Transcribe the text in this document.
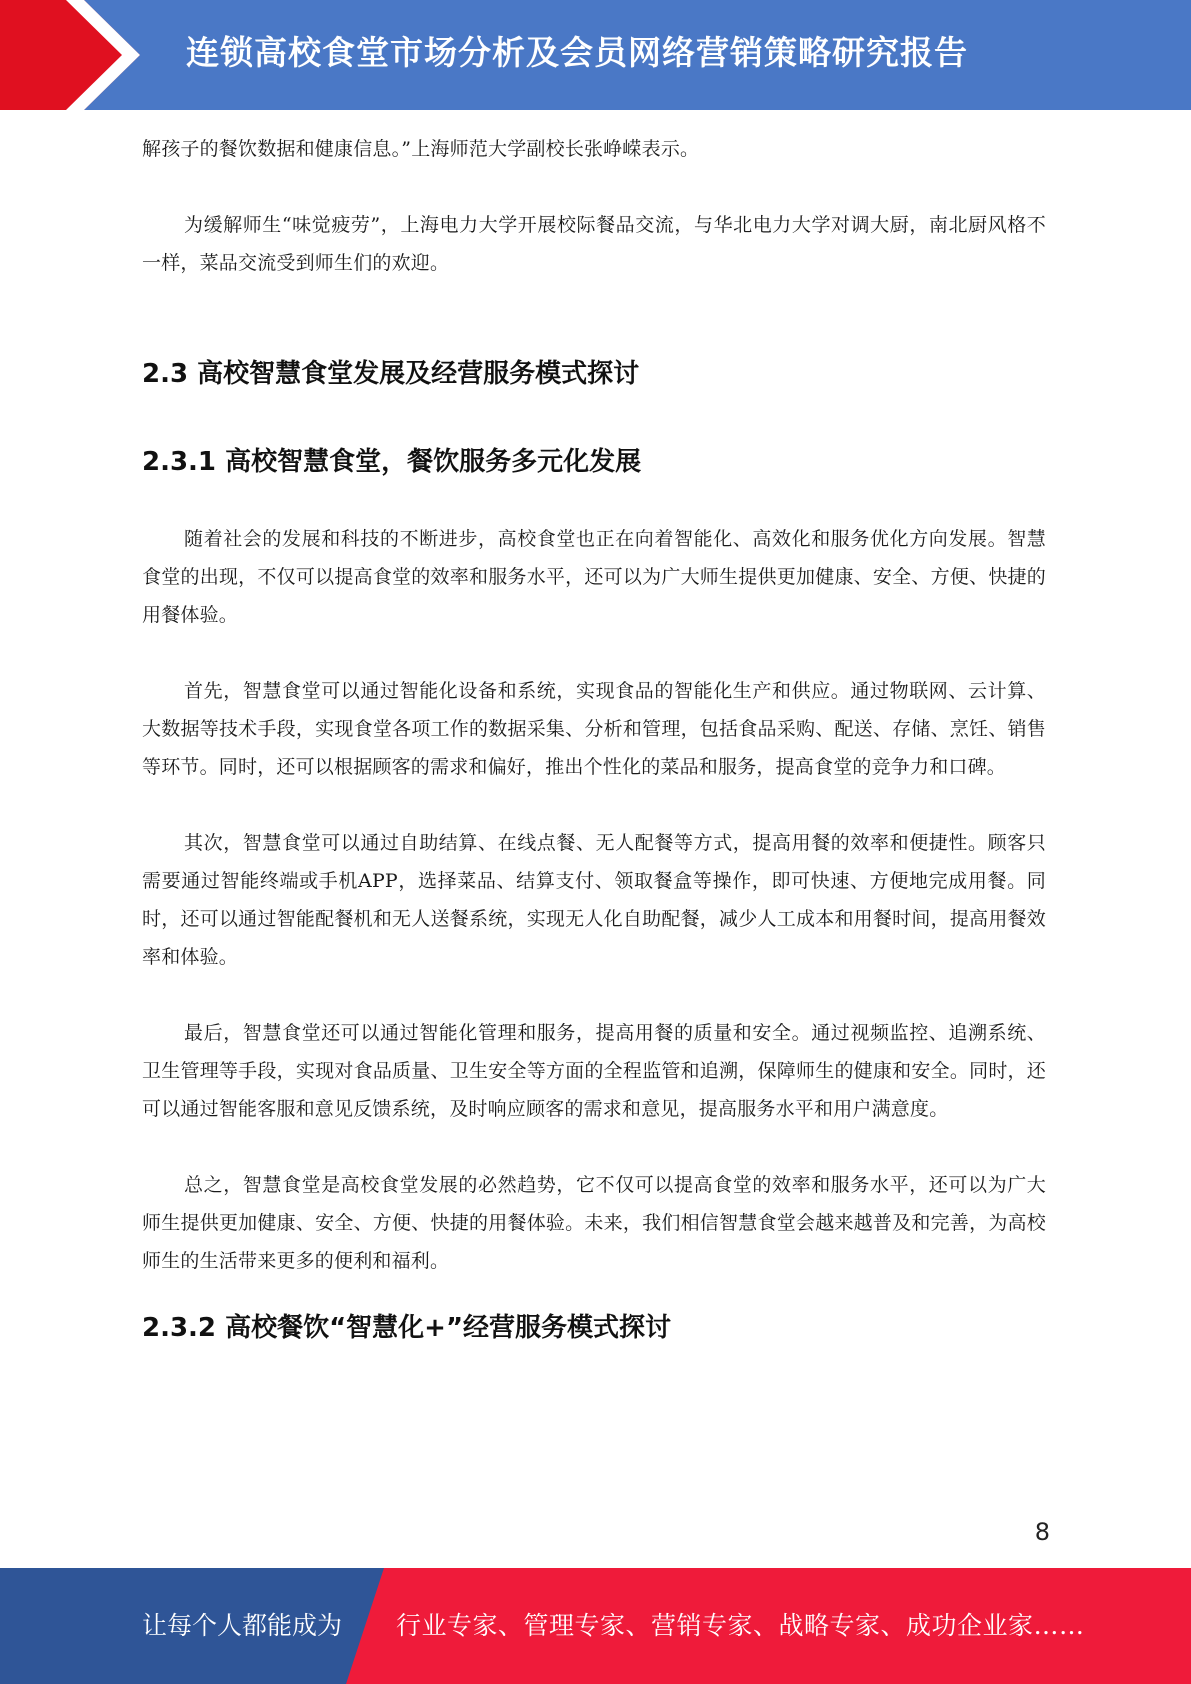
连锁高校食堂市场分析及会员网络营销策略研究报告

解孩子的餐饮数据和健康信息。”上海师范大学副校长张峥嵘表示。

为缓解师生“味觉疲劳”，上海电力大学开展校际餐品交流，与华北电力大学对调大厨，南北厨风格不一样，菜品交流受到师生们的欢迎。

2.3 高校智慧食堂发展及经营服务模式探讨
2.3.1 高校智慧食堂，餐饮服务多元化发展

随着社会的发展和科技的不断进步，高校食堂也正在向着智能化、高效化和服务优化方向发展。智慧食堂的出现，不仅可以提高食堂的效率和服务水平，还可以为广大师生提供更加健康、安全、方便、快捷的用餐体验。

首先，智慧食堂可以通过智能化设备和系统，实现食品的智能化生产和供应。通过物联网、云计算、大数据等技术手段，实现食堂各项工作的数据采集、分析和管理，包括食品采购、配送、存储、烹饪、销售等环节。同时，还可以根据顾客的需求和偏好，推出个性化的菜品和服务，提高食堂的竞争力和口碑。

其次，智慧食堂可以通过自助结算、在线点餐、无人配餐等方式，提高用餐的效率和便捷性。顾客只需要通过智能终端或手机APP，选择菜品、结算支付、领取餐盒等操作，即可快速、方便地完成用餐。同时，还可以通过智能配餐机和无人送餐系统，实现无人化自助配餐，减少人工成本和用餐时间，提高用餐效率和体验。

最后，智慧食堂还可以通过智能化管理和服务，提高用餐的质量和安全。通过视频监控、追溯系统、卫生管理等手段，实现对食品质量、卫生安全等方面的全程监管和追溯，保障师生的健康和安全。同时，还可以通过智能客服和意见反馈系统，及时响应顾客的需求和意见，提高服务水平和用户满意度。

总之，智慧食堂是高校食堂发展的必然趋势，它不仅可以提高食堂的效率和服务水平，还可以为广大师生提供更加健康、安全、方便、快捷的用餐体验。未来，我们相信智慧食堂会越来越普及和完善，为高校师生的生活带来更多的便利和福利。

2.3.2 高校餐饮“智慧化+”经营服务模式探讨
8
让每个人都能成为 行业专家、管理专家、营销专家、战略专家、成功企业家……
